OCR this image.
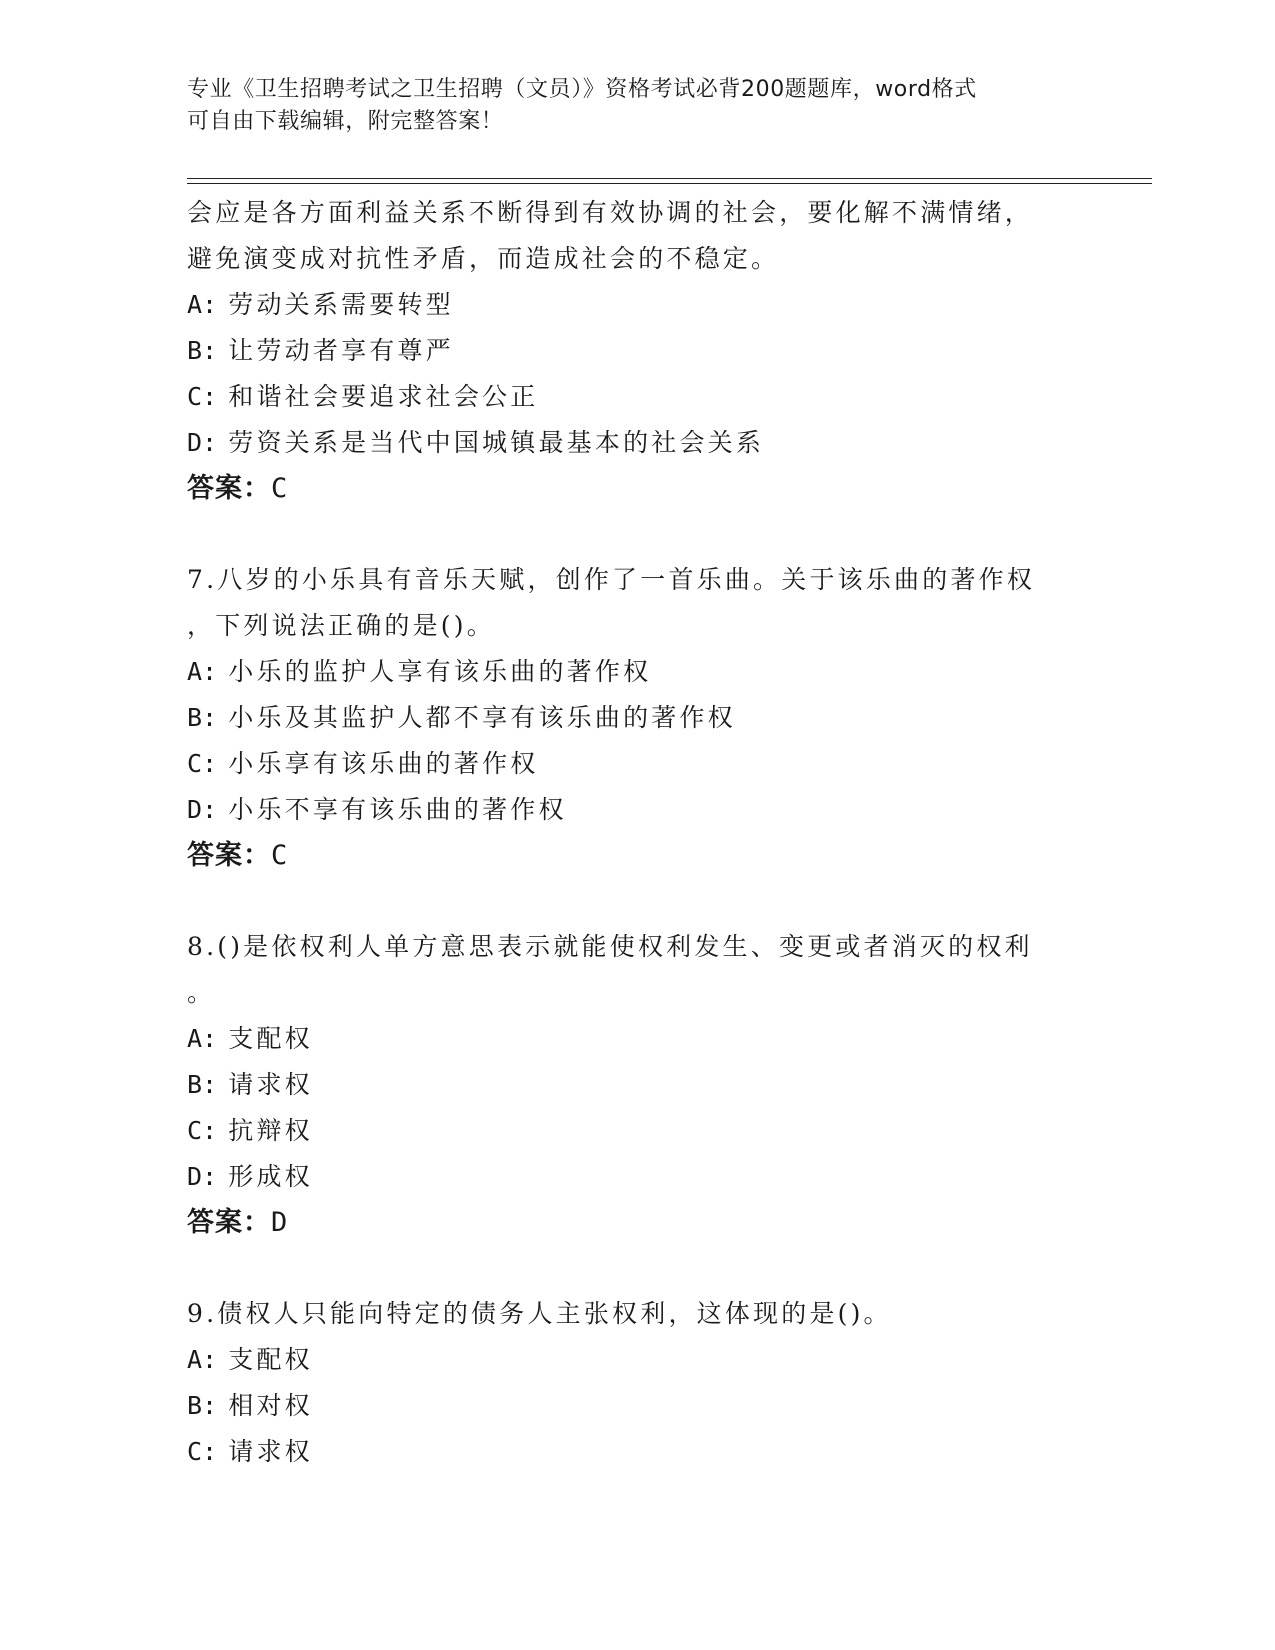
专业《卫生招聘考试之卫生招聘（文员）》资格考试必背200题题库，word格式
可自由下载编辑，附完整答案！
会应是各方面利益关系不断得到有效协调的社会，要化解不满情绪，
避免演变成对抗性矛盾，而造成社会的不稳定。
A: 劳动关系需要转型
B: 让劳动者享有尊严
C: 和谐社会要追求社会公正
D: 劳资关系是当代中国城镇最基本的社会关系
答案：C
7.八岁的小乐具有音乐天赋，创作了一首乐曲。关于该乐曲的著作权
，下列说法正确的是()。
A: 小乐的监护人享有该乐曲的著作权
B: 小乐及其监护人都不享有该乐曲的著作权
C: 小乐享有该乐曲的著作权
D: 小乐不享有该乐曲的著作权
答案：C
8.()是依权利人单方意思表示就能使权利发生、变更或者消灭的权利
。
A: 支配权
B: 请求权
C: 抗辩权
D: 形成权
答案：D
9.债权人只能向特定的债务人主张权利，这体现的是()。
A: 支配权
B: 相对权
C: 请求权
